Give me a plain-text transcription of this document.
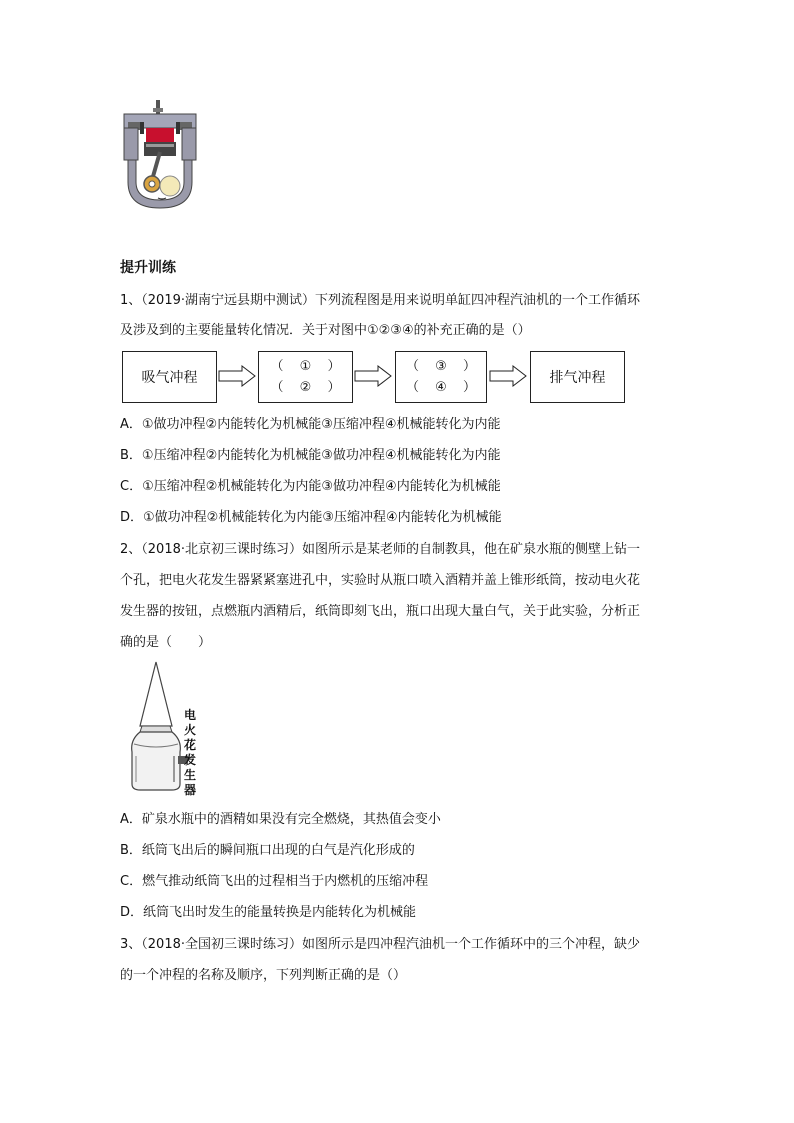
提升训练
1、（2019·湖南宁远县期中测试）下列流程图是用来说明单缸四冲程汽油机的一个工作循环
及涉及到的主要能量转化情况．关于对图中①②③④的补充正确的是（）
吸气冲程
（ ① ）
（ ② ）
（ ③ ）
（ ④ ）
排气冲程
A．①做功冲程②内能转化为机械能③压缩冲程④机械能转化为内能
B．①压缩冲程②内能转化为机械能③做功冲程④机械能转化为内能
C．①压缩冲程②机械能转化为内能③做功冲程④内能转化为机械能
D．①做功冲程②机械能转化为内能③压缩冲程④内能转化为机械能
2、（2018·北京初三课时练习）如图所示是某老师的自制教具，他在矿泉水瓶的侧壁上钻一
个孔，把电火花发生器紧紧塞进孔中，实验时从瓶口喷入酒精并盖上锥形纸筒，按动电火花
发生器的按钮，点燃瓶内酒精后，纸筒即刻飞出，瓶口出现大量白气，关于此实验，分析正
确的是（　　）
电
火
花
发
生
器
A．矿泉水瓶中的酒精如果没有完全燃烧，其热值会变小
B．纸筒飞出后的瞬间瓶口出现的白气是汽化形成的
C．燃气推动纸筒飞出的过程相当于内燃机的压缩冲程
D．纸筒飞出时发生的能量转换是内能转化为机械能
3、（2018·全国初三课时练习）如图所示是四冲程汽油机一个工作循环中的三个冲程，缺少
的一个冲程的名称及顺序，下列判断正确的是（）
